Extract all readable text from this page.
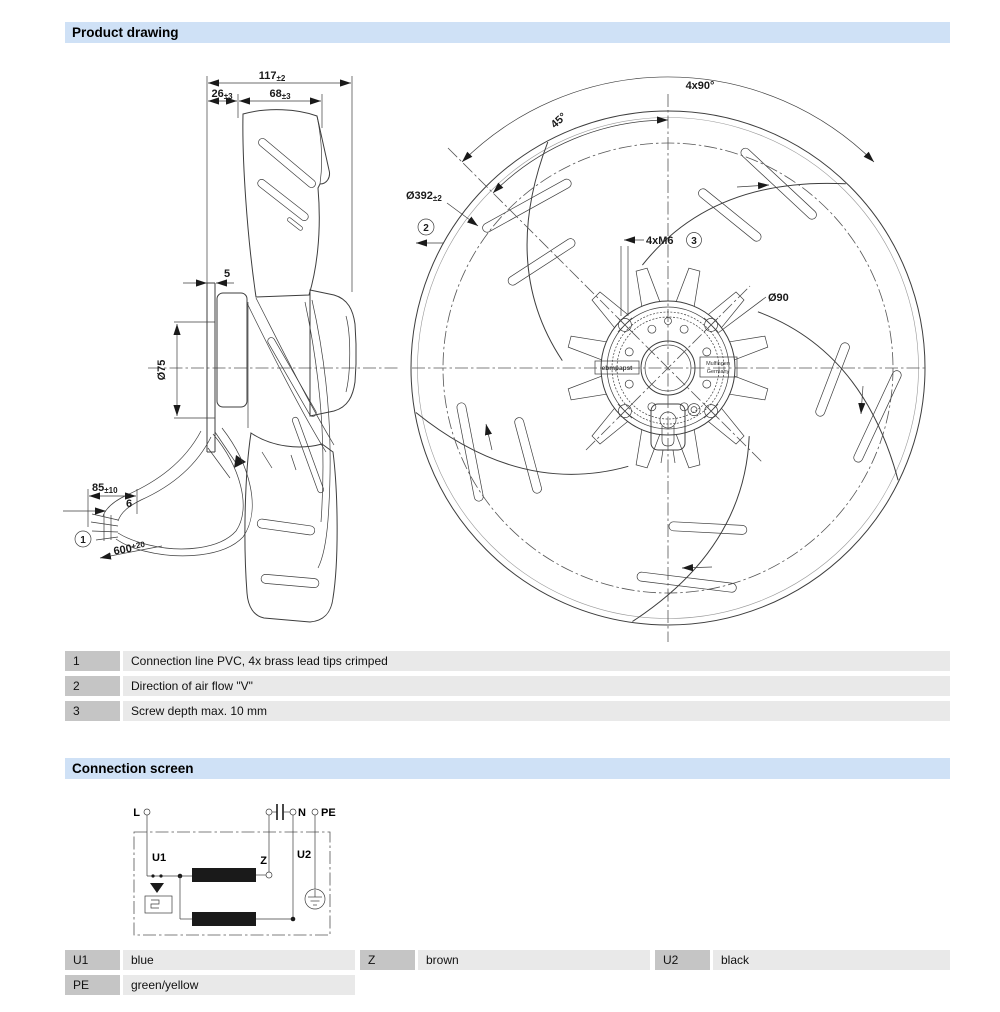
Product drawing
Connection screen
117±2
26±3	68±3
5
Ø75
85±10
6
$600^{+20}$
1
ebmpapst
Mulfingen
Germany
4x90°
45°
Ø392±2
2
4xM6 3
Ø90
L	N PE
U1	Z	U2
1	Connection line PVC, 4x brass lead tips crimped
2	Direction of air flow "V"
3	Screw depth max. 10 mm
U1	blue	Z	brown	U2	black
PE	green/yellow
